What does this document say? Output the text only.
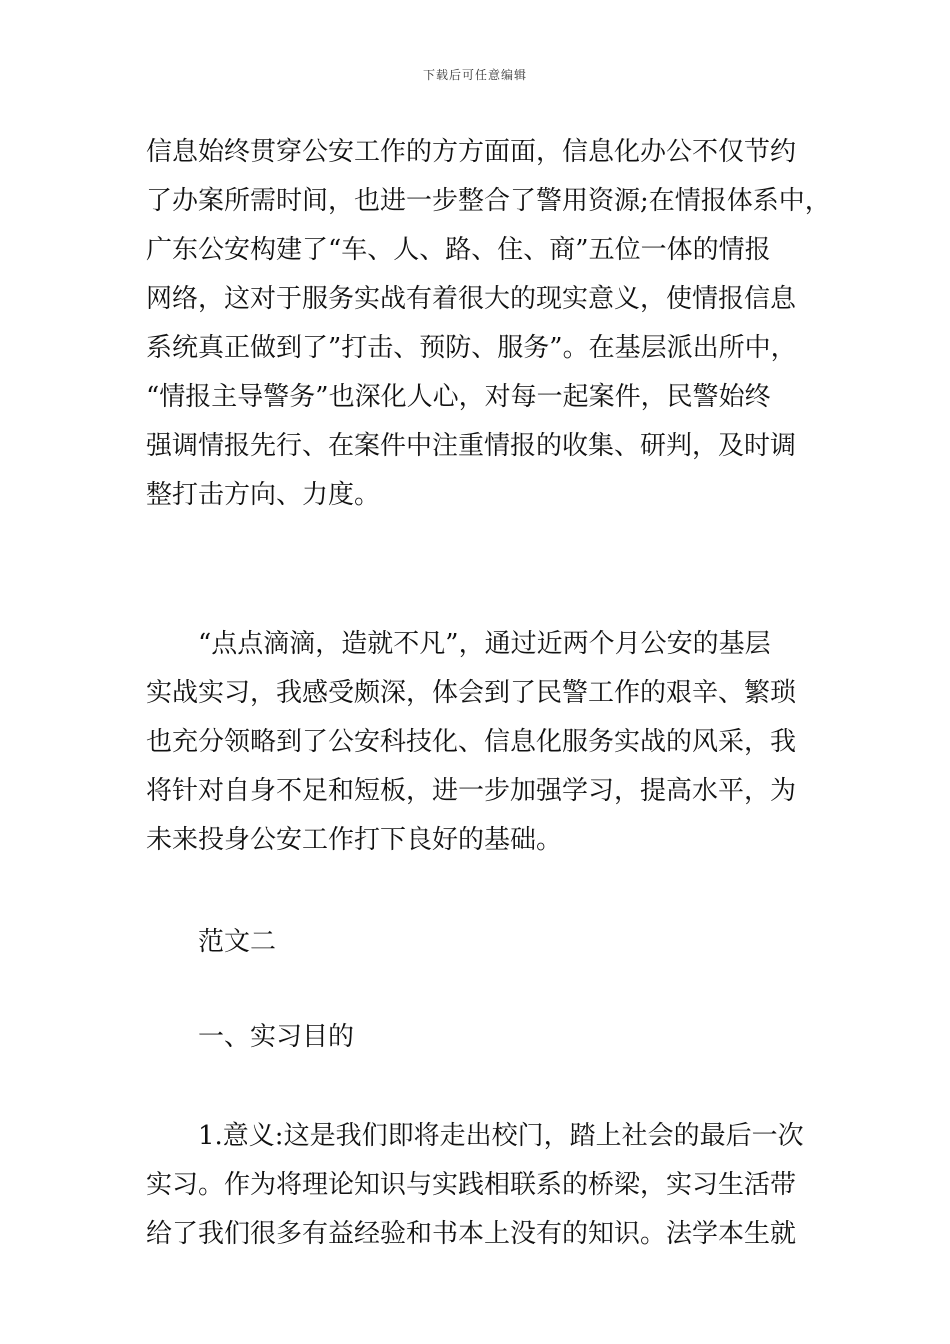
下载后可任意编辑
信息始终贯穿公安工作的方方面面，信息化办公不仅节约
了办案所需时间，也进一步整合了警用资源;在情报体系中，
广东公安构建了“车、人、路、住、商”五位一体的情报
网络，这对于服务实战有着很大的现实意义，使情报信息
系统真正做到了”打击、预防、服务”。在基层派出所中，
“情报主导警务”也深化人心，对每一起案件，民警始终
强调情报先行、在案件中注重情报的收集、研判，及时调
整打击方向、力度。
“点点滴滴，造就不凡”，通过近两个月公安的基层
实战实习，我感受颇深，体会到了民警工作的艰辛、繁琐
也充分领略到了公安科技化、信息化服务实战的风采，我
将针对自身不足和短板，进一步加强学习，提高水平，为
未来投身公安工作打下良好的基础。
范文二
一、实习目的
1.意义:这是我们即将走出校门，踏上社会的最后一次
实习。作为将理论知识与实践相联系的桥梁，实习生活带
给了我们很多有益经验和书本上没有的知识。法学本生就
